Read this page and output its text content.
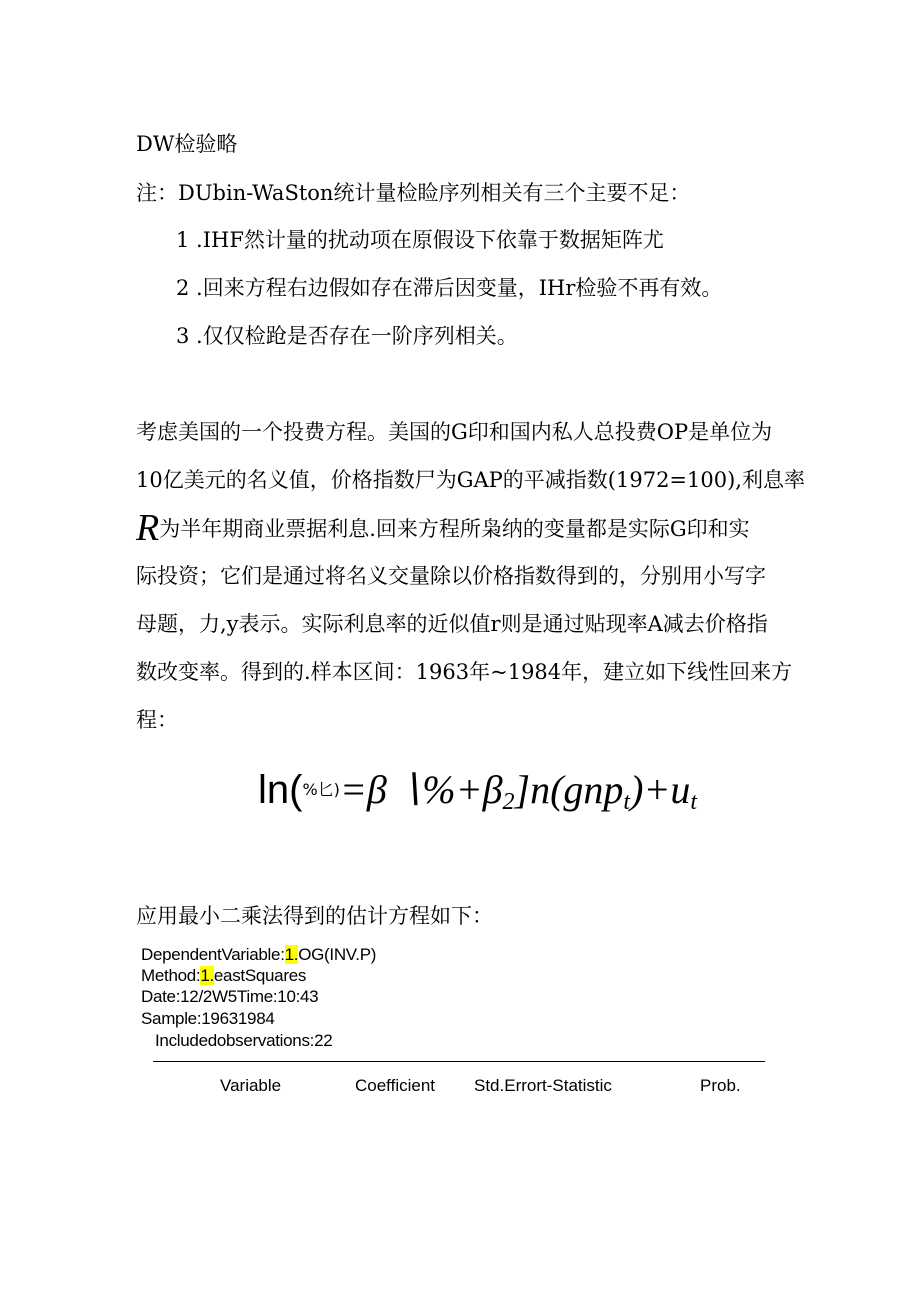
DW检验略
注：DUbin-WaSton统计量检睑序列相关有三个主要不足：
1 .IHF然计量的扰动项在原假设下依靠于数据矩阵尤
2 .回来方程右边假如存在滞后因变量，IHr检验不再有效。
3 .仅仅检跄是否存在一阶序列相关。
考虑美国的一个投费方程。美国的G印和国内私人总投费OP是单位为
10亿美元的名义值，价格指数尸为GAP的平减指数(1972=100),利息率
R为半年期商业票据利息.回来方程所枭纳的变量都是实际G印和实
际投资；它们是通过将名义交量除以价格指数得到的，分别用小写字
母题，力,y表示。实际利息率的近似值r则是通过贴现率A减去价格指
数改变率。得到的.样本区间：1963年~1984年，建立如下线性回来方
程：
ln($^{\%匕)}$=β $∖\%+\beta_2]n(gnp_t)+u_t$
应用最小二乘法得到的估计方程如下：
DependentVariable:1.OG(INV.P)
Method:1.eastSquares
Date:12/2W5Time:10:43
Sample:19631984
Includedobservations:22
Variable	Coefficient Std.Errort-Statistic	Prob.
